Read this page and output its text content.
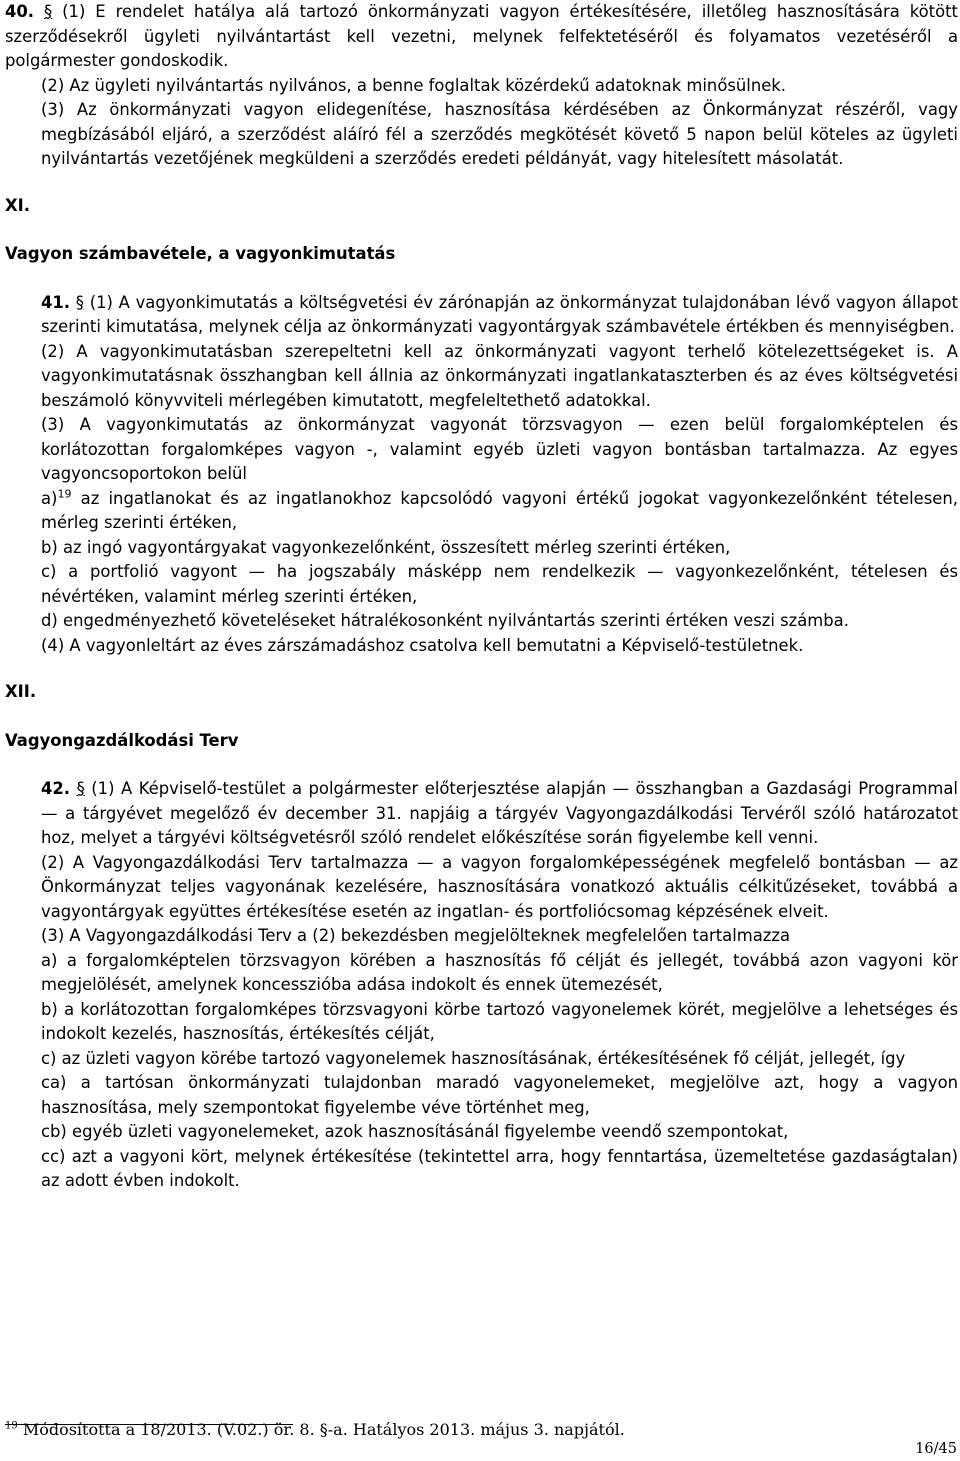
40. § (1) E rendelet hatálya alá tartozó önkormányzati vagyon értékesítésére, illetőleg hasznosítására kötött szerződésekről ügyleti nyilvántartást kell vezetni, melynek felfektetéséről és folyamatos vezetéséről a polgármester gondoskodik.

(2) Az ügyleti nyilvántartás nyilvános, a benne foglaltak közérdekű adatoknak minősülnek.

(3) Az önkormányzati vagyon elidegenítése, hasznosítása kérdésében az Önkormányzat részéről, vagy megbízásából eljáró, a szerződést aláíró fél a szerződés megkötését követő 5 napon belül köteles az ügyleti nyilvántartás vezetőjének megküldeni a szerződés eredeti példányát, vagy hitelesített másolatát.

XI.

Vagyon számbavétele, a vagyonkimutatás

41. § (1) A vagyonkimutatás a költségvetési év zárónapján az önkormányzat tulajdonában lévő vagyon állapot szerinti kimutatása, melynek célja az önkormányzati vagyontárgyak számbavétele értékben és mennyiségben.

(2) A vagyonkimutatásban szerepeltetni kell az önkormányzati vagyont terhelő kötelezettségeket is. A vagyonkimutatásnak összhangban kell állnia az önkormányzati ingatlankataszterben és az éves költségvetési beszámoló könyvviteli mérlegében kimutatott, megfeleltethető adatokkal.

(3) A vagyonkimutatás az önkormányzat vagyonát törzsvagyon — ezen belül forgalomképtelen és korlátozottan forgalomképes vagyon -, valamint egyéb üzleti vagyon bontásban tartalmazza. Az egyes vagyoncsoportokon belül

a)$^{19}$ az ingatlanokat és az ingatlanokhoz kapcsolódó vagyoni értékű jogokat vagyonkezelőnként tételesen, mérleg szerinti értéken,

b) az ingó vagyontárgyakat vagyonkezelőnként, összesített mérleg szerinti értéken,

c) a portfolió vagyont — ha jogszabály másképp nem rendelkezik — vagyonkezelőnként, tételesen és névértéken, valamint mérleg szerinti értéken,

d) engedményezhető követeléseket hátralékosonként nyilvántartás szerinti értéken veszi számba.

(4) A vagyonleltárt az éves zárszámadáshoz csatolva kell bemutatni a Képviselő-testületnek.

XII.

Vagyongazdálkodási Terv

42. § (1) A Képviselő-testület a polgármester előterjesztése alapján — összhangban a Gazdasági Programmal — a tárgyévet megelőző év december 31. napjáig a tárgyév Vagyongazdálkodási Tervéről szóló határozatot hoz, melyet a tárgyévi költségvetésről szóló rendelet előkészítése során figyelembe kell venni.

(2) A Vagyongazdálkodási Terv tartalmazza — a vagyon forgalomképességének megfelelő bontásban — az Önkormányzat teljes vagyonának kezelésére, hasznosítására vonatkozó aktuális célkitűzéseket, továbbá a vagyontárgyak együttes értékesítése esetén az ingatlan- és portfoliócsomag képzésének elveit.

(3) A Vagyongazdálkodási Terv a (2) bekezdésben megjelölteknek megfelelően tartalmazza

a) a forgalomképtelen törzsvagyon körében a hasznosítás fő célját és jellegét, továbbá azon vagyoni kör megjelölését, amelynek koncesszióba adása indokolt és ennek ütemezését,

b) a korlátozottan forgalomképes törzsvagyoni körbe tartozó vagyonelemek körét, megjelölve a lehetséges és indokolt kezelés, hasznosítás, értékesítés célját,

c) az üzleti vagyon körébe tartozó vagyonelemek hasznosításának, értékesítésének fő célját, jellegét, így

ca) a tartósan önkormányzati tulajdonban maradó vagyonelemeket, megjelölve azt, hogy a vagyon hasznosítása, mely szempontokat figyelembe véve történhet meg,

cb) egyéb üzleti vagyonelemeket, azok hasznosításánál figyelembe veendő szempontokat,

cc) azt a vagyoni kört, melynek értékesítése (tekintettel arra, hogy fenntartása, üzemeltetése gazdaságtalan) az adott évben indokolt.

$^{19}$ Módosította a 18/2013. (V.02.) ör. 8. §-a. Hatályos 2013. május 3. napjától.
16/45
